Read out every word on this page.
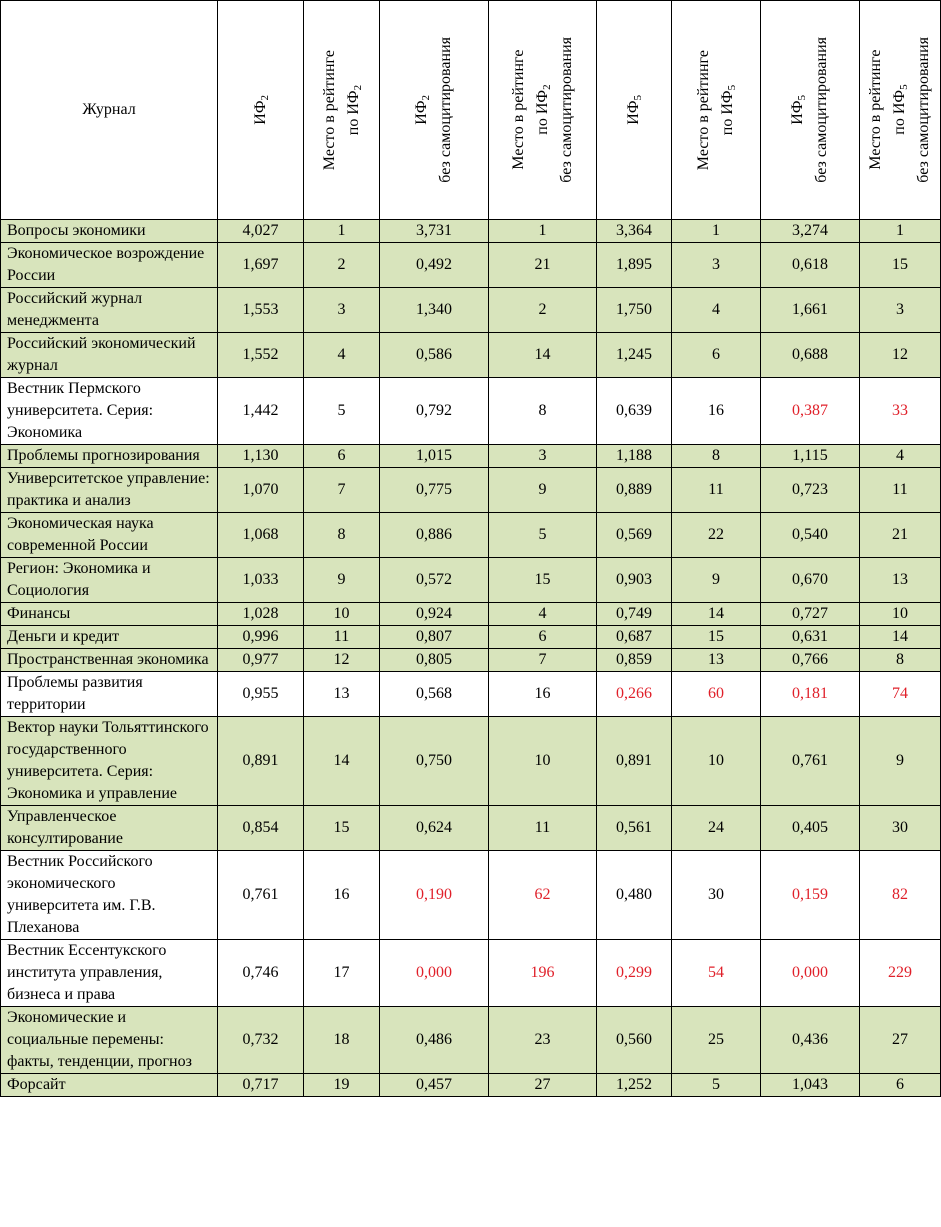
Журнал	$ИФ_2$	Место в рейтинге по $ИФ_2$	$ИФ_2$ без самоцитирования	Место в рейтинге по $ИФ_2$ без самоцитирования	$ИФ_5$	Место в рейтинге по $ИФ_5$	$ИФ_5$ без самоцитирования	Место в рейтинге по $ИФ_5$ без самоцитирования

Вопросы экономики	4,027	1	3,731	1	3,364	1	3,274	1
Экономическое возрождение России	1,697	2	0,492	21	1,895	3	0,618	15
Российский журнал менеджмента	1,553	3	1,340	2	1,750	4	1,661	3
Российский экономический журнал	1,552	4	0,586	14	1,245	6	0,688	12
Вестник Пермского университета. Серия: Экономика	1,442	5	0,792	8	0,639	16	0,387	33
Проблемы прогнозирования	1,130	6	1,015	3	1,188	8	1,115	4
Университетское управление: практика и анализ	1,070	7	0,775	9	0,889	11	0,723	11
Экономическая наука современной России	1,068	8	0,886	5	0,569	22	0,540	21
Регион: Экономика и Социология	1,033	9	0,572	15	0,903	9	0,670	13
Финансы	1,028	10	0,924	4	0,749	14	0,727	10
Деньги и кредит	0,996	11	0,807	6	0,687	15	0,631	14
Пространственная экономика	0,977	12	0,805	7	0,859	13	0,766	8
Проблемы развития территории	0,955	13	0,568	16	0,266	60	0,181	74
Вектор науки Тольяттинского государственного университета. Серия: Экономика и управление	0,891	14	0,750	10	0,891	10	0,761	9
Управленческое консултирование	0,854	15	0,624	11	0,561	24	0,405	30
Вестник Российского экономического университета им. Г.В. Плеханова	0,761	16	0,190	62	0,480	30	0,159	82
Вестник Ессентукского института управления, бизнеса и права	0,746	17	0,000	196	0,299	54	0,000	229
Экономические и социальные перемены: факты, тенденции, прогноз	0,732	18	0,486	23	0,560	25	0,436	27
Форсайт	0,717	19	0,457	27	1,252	5	1,043	6
